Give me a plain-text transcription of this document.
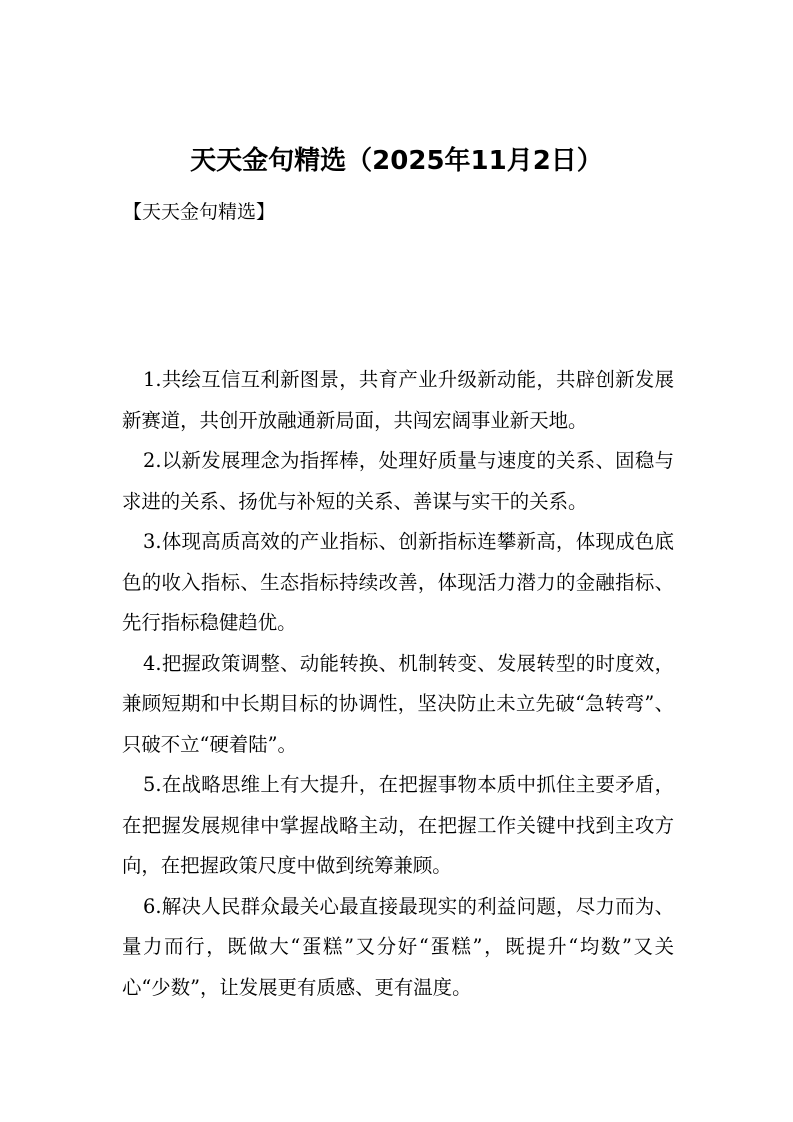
天天金句精选（2025年11月2日）
【天天金句精选】

1.共绘互信互利新图景，共育产业升级新动能，共辟创新发展新赛道，共创开放融通新局面，共闯宏阔事业新天地。

2.以新发展理念为指挥棒，处理好质量与速度的关系、固稳与求进的关系、扬优与补短的关系、善谋与实干的关系。

3.体现高质高效的产业指标、创新指标连攀新高，体现成色底色的收入指标、生态指标持续改善，体现活力潜力的金融指标、先行指标稳健趋优。

4.把握政策调整、动能转换、机制转变、发展转型的时度效，兼顾短期和中长期目标的协调性，坚决防止未立先破“急转弯”、只破不立“硬着陆”。

5.在战略思维上有大提升，在把握事物本质中抓住主要矛盾，在把握发展规律中掌握战略主动，在把握工作关键中找到主攻方向，在把握政策尺度中做到统筹兼顾。

6.解决人民群众最关心最直接最现实的利益问题，尽力而为、量力而行，既做大“蛋糕”又分好“蛋糕”，既提升“均数”又关心“少数”，让发展更有质感、更有温度。
